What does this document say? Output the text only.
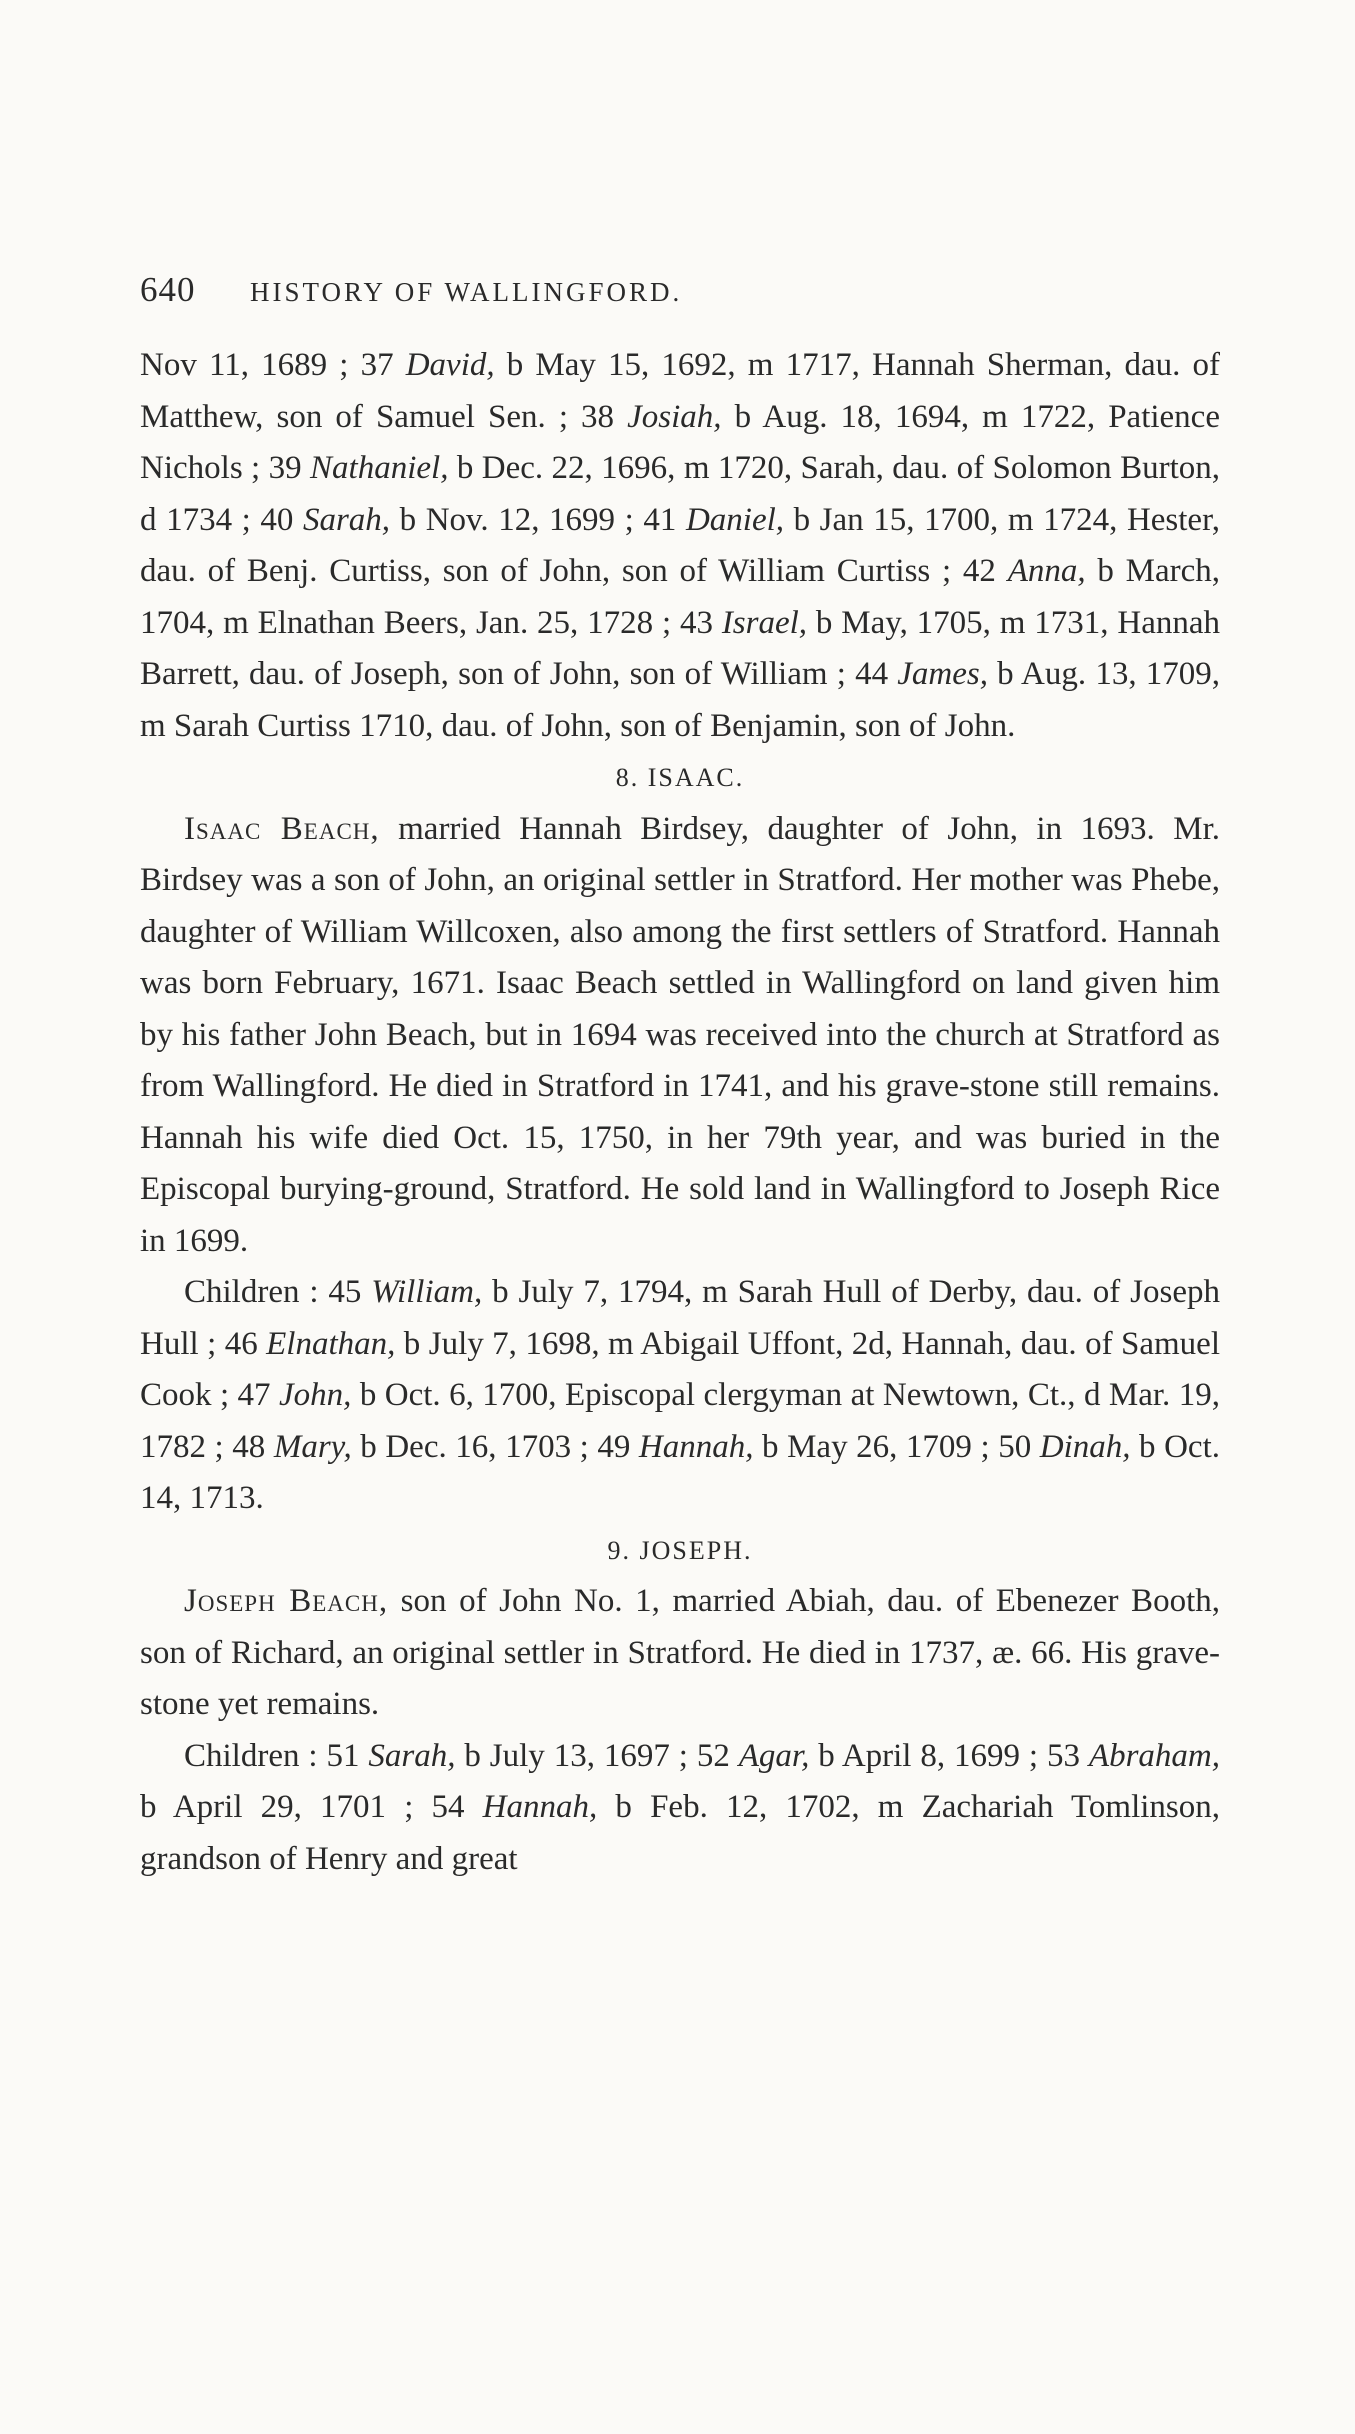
640	HISTORY OF WALLINGFORD.

Nov 11, 1689 ; 37 David, b May 15, 1692, m 1717, Hannah Sherman, dau. of Matthew, son of Samuel Sen. ; 38 Josiah, b Aug. 18, 1694, m 1722, Patience Nichols ; 39 Nathaniel, b Dec. 22, 1696, m 1720, Sarah, dau. of Solomon Burton, d 1734 ; 40 Sarah, b Nov. 12, 1699 ; 41 Daniel, b Jan 15, 1700, m 1724, Hester, dau. of Benj. Curtiss, son of John, son of William Curtiss ; 42 Anna, b March, 1704, m Elnathan Beers, Jan. 25, 1728 ; 43 Israel, b May, 1705, m 1731, Hannah Barrett, dau. of Joseph, son of John, son of William ; 44 James, b Aug. 13, 1709, m Sarah Curtiss 1710, dau. of John, son of Benjamin, son of John.

8. ISAAC.

Isaac Beach, married Hannah Birdsey, daughter of John, in 1693. Mr. Birdsey was a son of John, an original settler in Stratford. Her mother was Phebe, daughter of William Willcoxen, also among the first settlers of Stratford. Hannah was born February, 1671. Isaac Beach settled in Wallingford on land given him by his father John Beach, but in 1694 was received into the church at Stratford as from Wallingford. He died in Stratford in 1741, and his grave-stone still remains. Hannah his wife died Oct. 15, 1750, in her 79th year, and was buried in the Episcopal burying-ground, Stratford. He sold land in Wallingford to Joseph Rice in 1699.

Children : 45 William, b July 7, 1794, m Sarah Hull of Derby, dau. of Joseph Hull ; 46 Elnathan, b July 7, 1698, m Abigail Uffont, 2d, Hannah, dau. of Samuel Cook ; 47 John, b Oct. 6, 1700, Episcopal clergyman at Newtown, Ct., d Mar. 19, 1782 ; 48 Mary, b Dec. 16, 1703 ; 49 Hannah, b May 26, 1709 ; 50 Dinah, b Oct. 14, 1713.

9. JOSEPH.

Joseph Beach, son of John No. 1, married Abiah, dau. of Ebenezer Booth, son of Richard, an original settler in Stratford. He died in 1737, æ. 66. His grave-stone yet remains.

Children : 51 Sarah, b July 13, 1697 ; 52 Agar, b April 8, 1699 ; 53 Abraham, b April 29, 1701 ; 54 Hannah, b Feb. 12, 1702, m Zachariah Tomlinson, grandson of Henry and great
